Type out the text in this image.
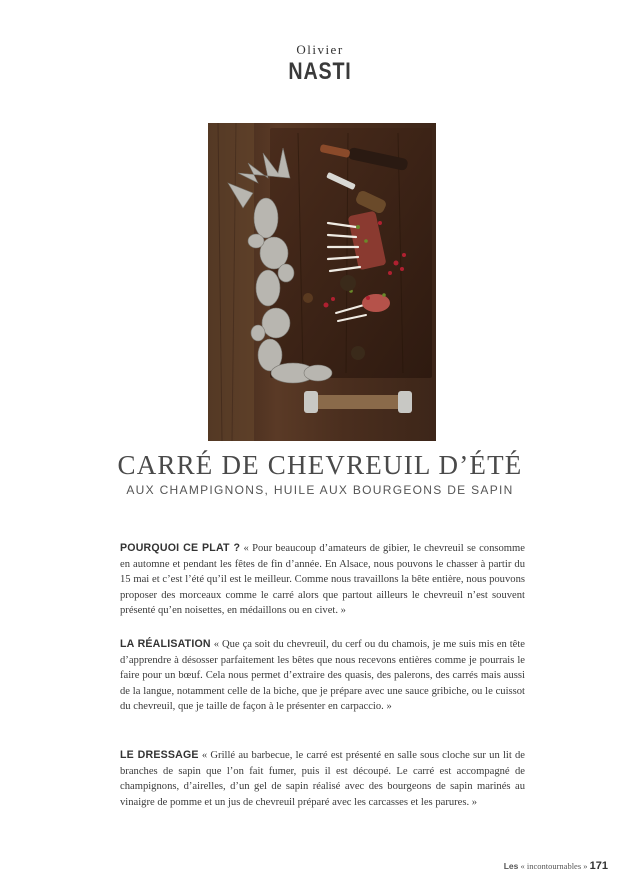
Olivier
NASTI
CARRÉ DE CHEVREUIL D’ÉTÉ
AUX CHAMPIGNONS, HUILE AUX BOURGEONS DE SAPIN
POURQUOI CE PLAT ? « Pour beaucoup d’amateurs de gibier, le chevreuil se consomme en automne et pendant les fêtes de fin d’année. En Alsace, nous pouvons le chasser à partir du 15 mai et c’est l’été qu’il est le meilleur. Comme nous travaillons la bête entière, nous pouvons proposer des morceaux comme le carré alors que partout ailleurs le chevreuil n’est souvent présenté qu’en noisettes, en médaillons ou en civet. »
LA RÉALISATION « Que ça soit du chevreuil, du cerf ou du chamois, je me suis mis en tête d’apprendre à désosser parfaitement les bêtes que nous recevons entières comme je pourrais le faire pour un bœuf. Cela nous permet d’extraire des quasis, des palerons, des carrés mais aussi de la langue, notamment celle de la biche, que je prépare avec une sauce gribiche, ou le cuissot du chevreuil, que je taille de façon à le présenter en carpaccio. »
LE DRESSAGE « Grillé au barbecue, le carré est présenté en salle sous cloche sur un lit de branches de sapin que l’on fait fumer, puis il est découpé. Le carré est accompagné de champignons, d’airelles, d’un gel de sapin réalisé avec des bourgeons de sapin marinés au vinaigre de pomme et un jus de chevreuil préparé avec les carcasses et les parures. »
Les « incontournables » 171
